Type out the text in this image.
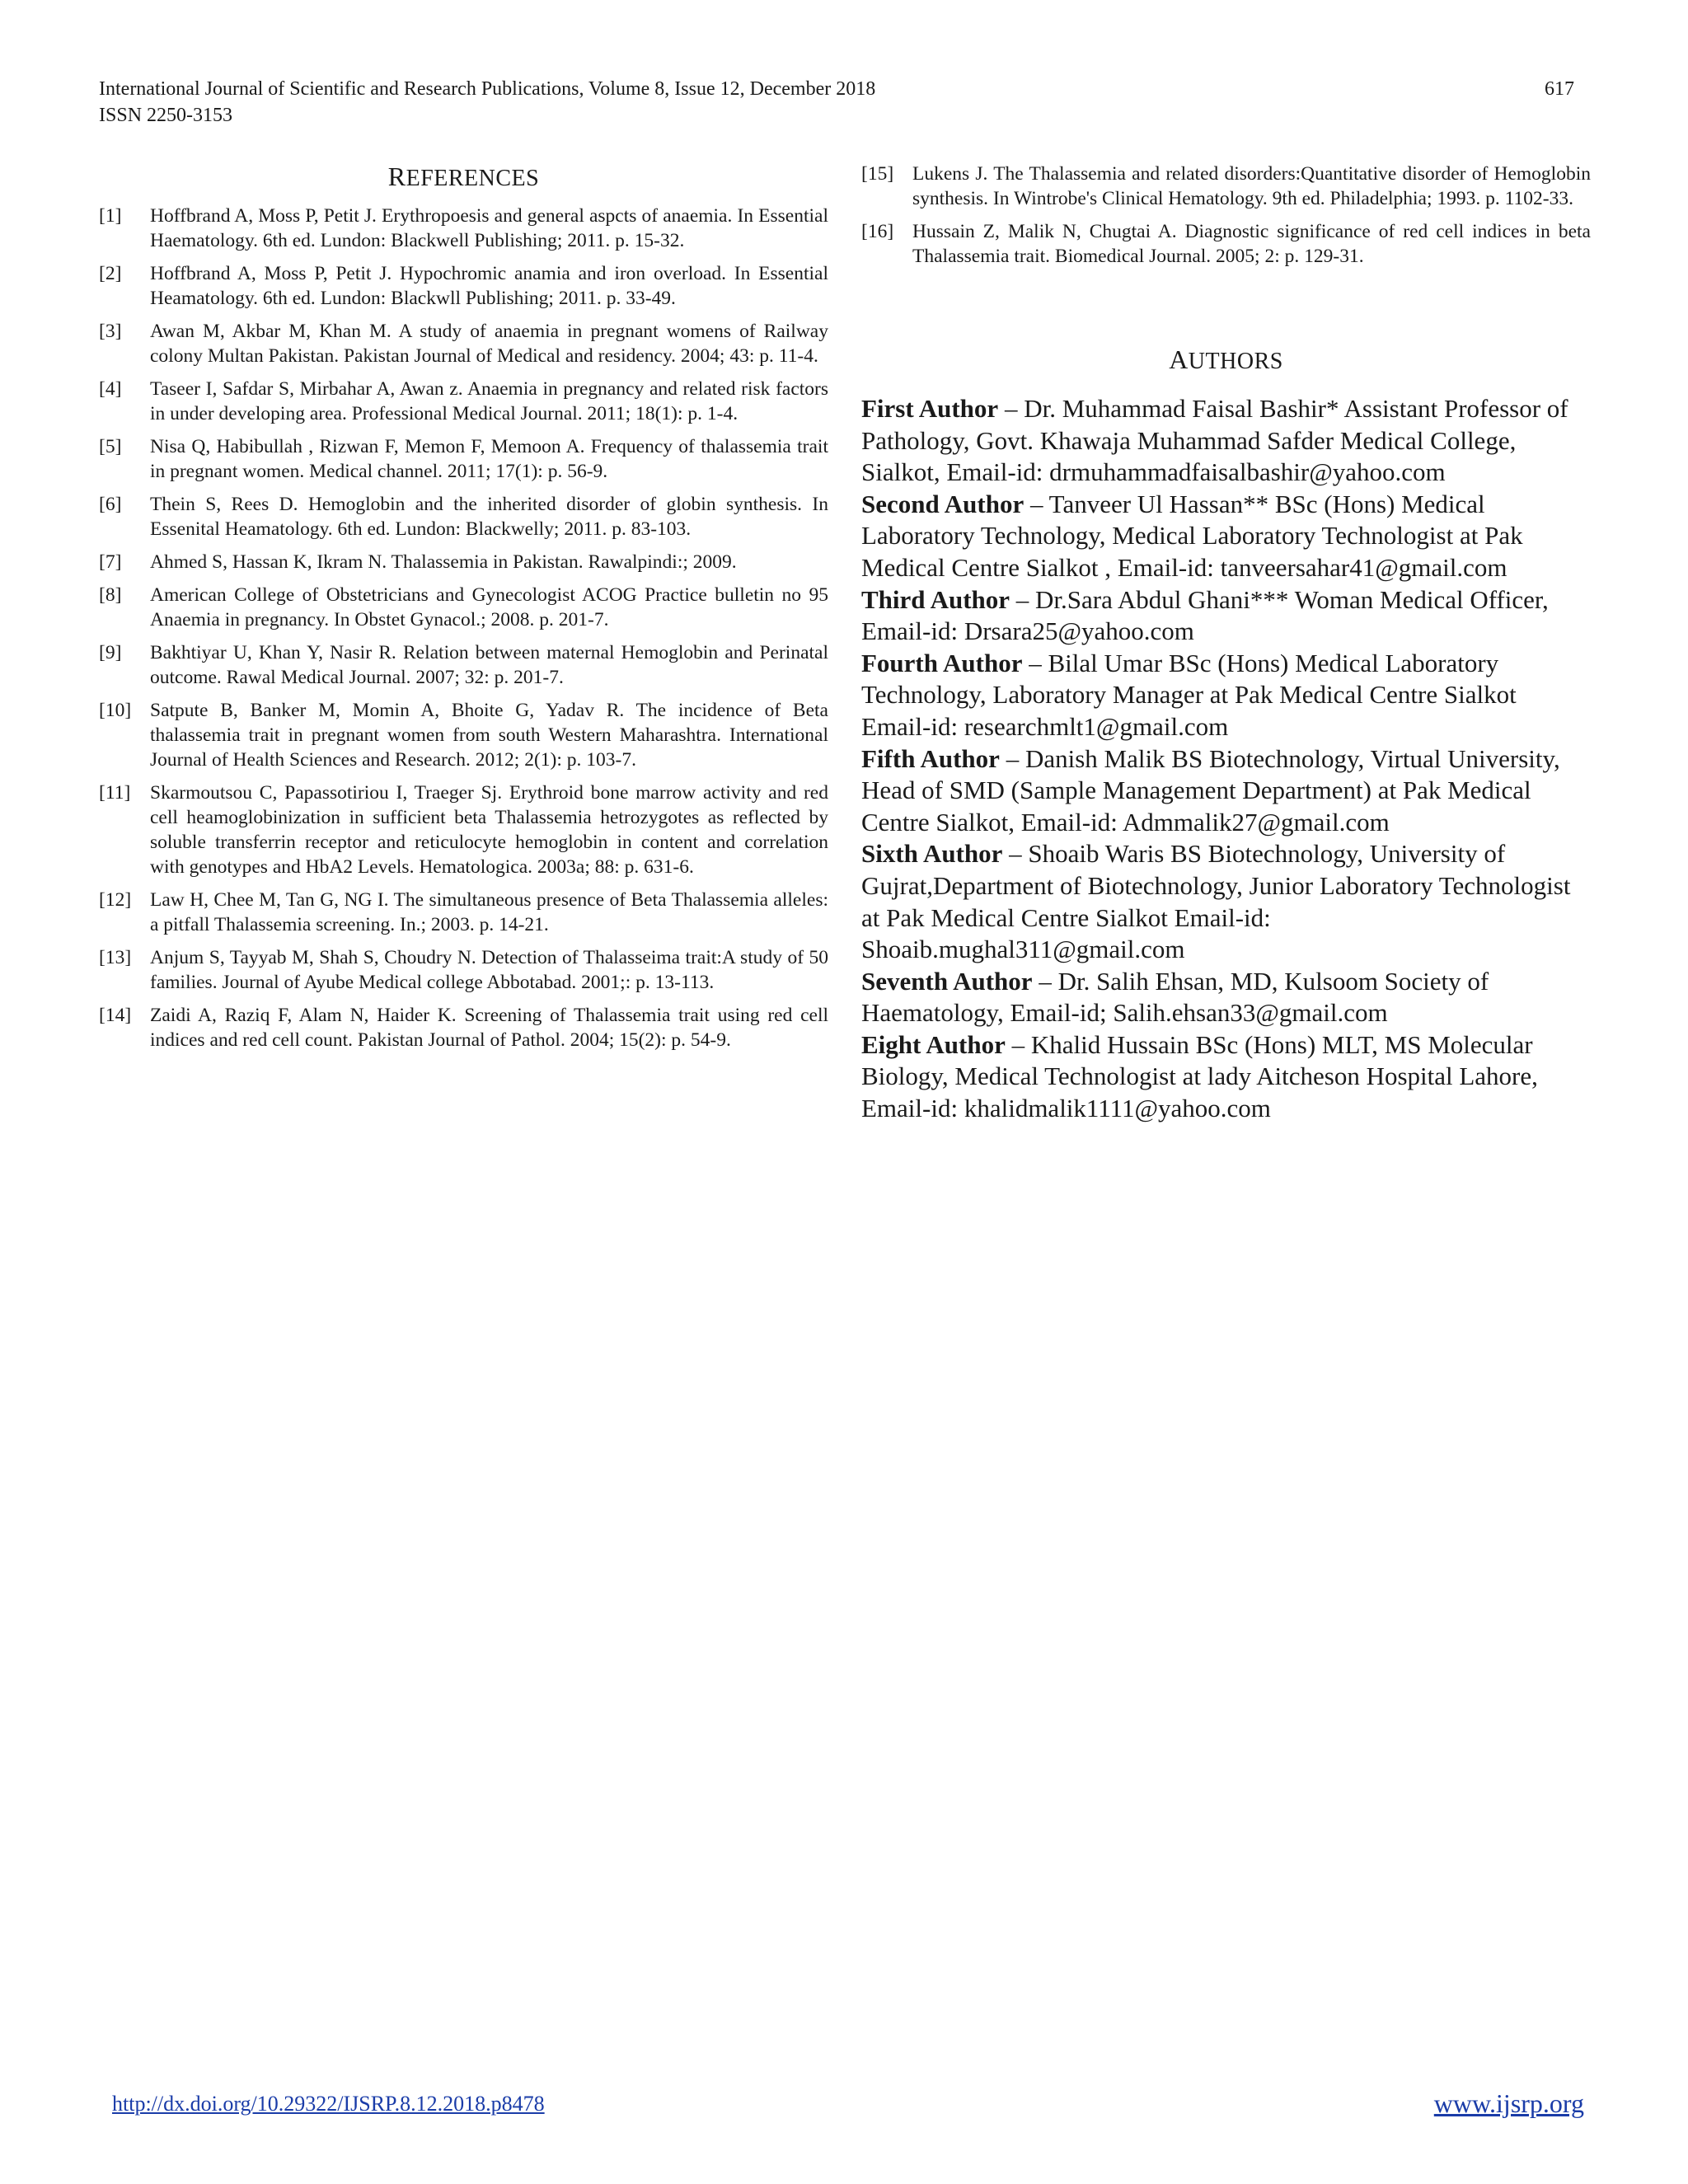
International Journal of Scientific and Research Publications, Volume 8, Issue 12, December 2018
ISSN 2250-3153
617
REFERENCES
[1]	Hoffbrand A, Moss P, Petit J. Erythropoesis and general aspcts of anaemia. In Essential Haematology. 6th ed. Lundon: Blackwell Publishing; 2011. p. 15-32.
[2]	Hoffbrand A, Moss P, Petit J. Hypochromic anamia and iron overload. In Essential Heamatology. 6th ed. Lundon: Blackwll Publishing; 2011. p. 33-49.
[3]	Awan M, Akbar M, Khan M. A study of anaemia in pregnant womens of Railway colony Multan Pakistan. Pakistan Journal of Medical and residency. 2004; 43: p. 11-4.
[4]	Taseer I, Safdar S, Mirbahar A, Awan z. Anaemia in pregnancy and related risk factors in under developing area. Professional Medical Journal. 2011; 18(1): p. 1-4.
[5]	Nisa Q, Habibullah , Rizwan F, Memon F, Memoon A. Frequency of thalassemia trait in pregnant women. Medical channel. 2011; 17(1): p. 56-9.
[6]	Thein S, Rees D. Hemoglobin and the inherited disorder of globin synthesis. In Essenital Heamatology. 6th ed. Lundon: Blackwelly; 2011. p. 83-103.
[7]	Ahmed S, Hassan K, Ikram N. Thalassemia in Pakistan. Rawalpindi:; 2009.
[8]	American College of Obstetricians and Gynecologist ACOG Practice bulletin no 95 Anaemia in pregnancy. In Obstet Gynacol.; 2008. p. 201-7.
[9]	Bakhtiyar U, Khan Y, Nasir R. Relation between maternal Hemoglobin and Perinatal outcome. Rawal Medical Journal. 2007; 32: p. 201-7.
[10] Satpute B, Banker M, Momin A, Bhoite G, Yadav R. The incidence of Beta thalassemia trait in pregnant women from south Western Maharashtra. International Journal of Health Sciences and Research. 2012; 2(1): p. 103-7.
[11]	Skarmoutsou C, Papassotiriou I, Traeger Sj. Erythroid bone marrow activity and red cell heamoglobinization in sufficient beta Thalassemia hetrozygotes as reflected by soluble transferrin receptor and reticulocyte hemoglobin in content and correlation with genotypes and HbA2 Levels. Hematologica. 2003a; 88: p. 631-6.
[12] Law H, Chee M, Tan G, NG I. The simultaneous presence of Beta Thalassemia alleles: a pitfall Thalassemia screening. In.; 2003. p. 14-21.
[13] Anjum S, Tayyab M, Shah S, Choudry N. Detection of Thalasseima trait:A study of 50 families. Journal of Ayube Medical college Abbotabad. 2001;: p. 13-113.
[14] Zaidi A, Raziq F, Alam N, Haider K. Screening of Thalassemia trait using red cell indices and red cell count. Pakistan Journal of Pathol. 2004; 15(2): p. 54-9.
[15] Lukens J. The Thalassemia and related disorders:Quantitative disorder of Hemoglobin synthesis. In Wintrobe's Clinical Hematology. 9th ed. Philadelphia; 1993. p. 1102-33.
[16] Hussain Z, Malik N, Chugtai A. Diagnostic significance of red cell indices in beta Thalassemia trait. Biomedical Journal. 2005; 2: p. 129-31.
AUTHORS
First Author – Dr. Muhammad Faisal Bashir* Assistant Professor of Pathology, Govt. Khawaja Muhammad Safder Medical College, Sialkot, Email-id: drmuhammadfaisalbashir@yahoo.com
Second Author – Tanveer Ul Hassan** BSc (Hons) Medical Laboratory Technology, Medical Laboratory Technologist at Pak Medical Centre Sialkot , Email-id: tanveersahar41@gmail.com
Third Author – Dr.Sara Abdul Ghani*** Woman Medical Officer, Email-id: Drsara25@yahoo.com
Fourth Author – Bilal Umar BSc (Hons) Medical Laboratory Technology, Laboratory Manager at Pak Medical Centre Sialkot Email-id: researchmlt1@gmail.com
Fifth Author – Danish Malik BS Biotechnology, Virtual University, Head of SMD (Sample Management Department) at Pak Medical Centre Sialkot, Email-id: Admmalik27@gmail.com
Sixth Author – Shoaib Waris BS Biotechnology, University of Gujrat,Department of Biotechnology, Junior Laboratory Technologist at Pak Medical Centre Sialkot Email-id: Shoaib.mughal311@gmail.com
Seventh Author – Dr. Salih Ehsan, MD, Kulsoom Society of Haematology, Email-id; Salih.ehsan33@gmail.com
Eight Author – Khalid Hussain BSc (Hons) MLT, MS Molecular Biology, Medical Technologist at lady Aitcheson Hospital Lahore, Email-id: khalidmalik1111@yahoo.com
http://dx.doi.org/10.29322/IJSRP.8.12.2018.p8478	www.ijsrp.org
